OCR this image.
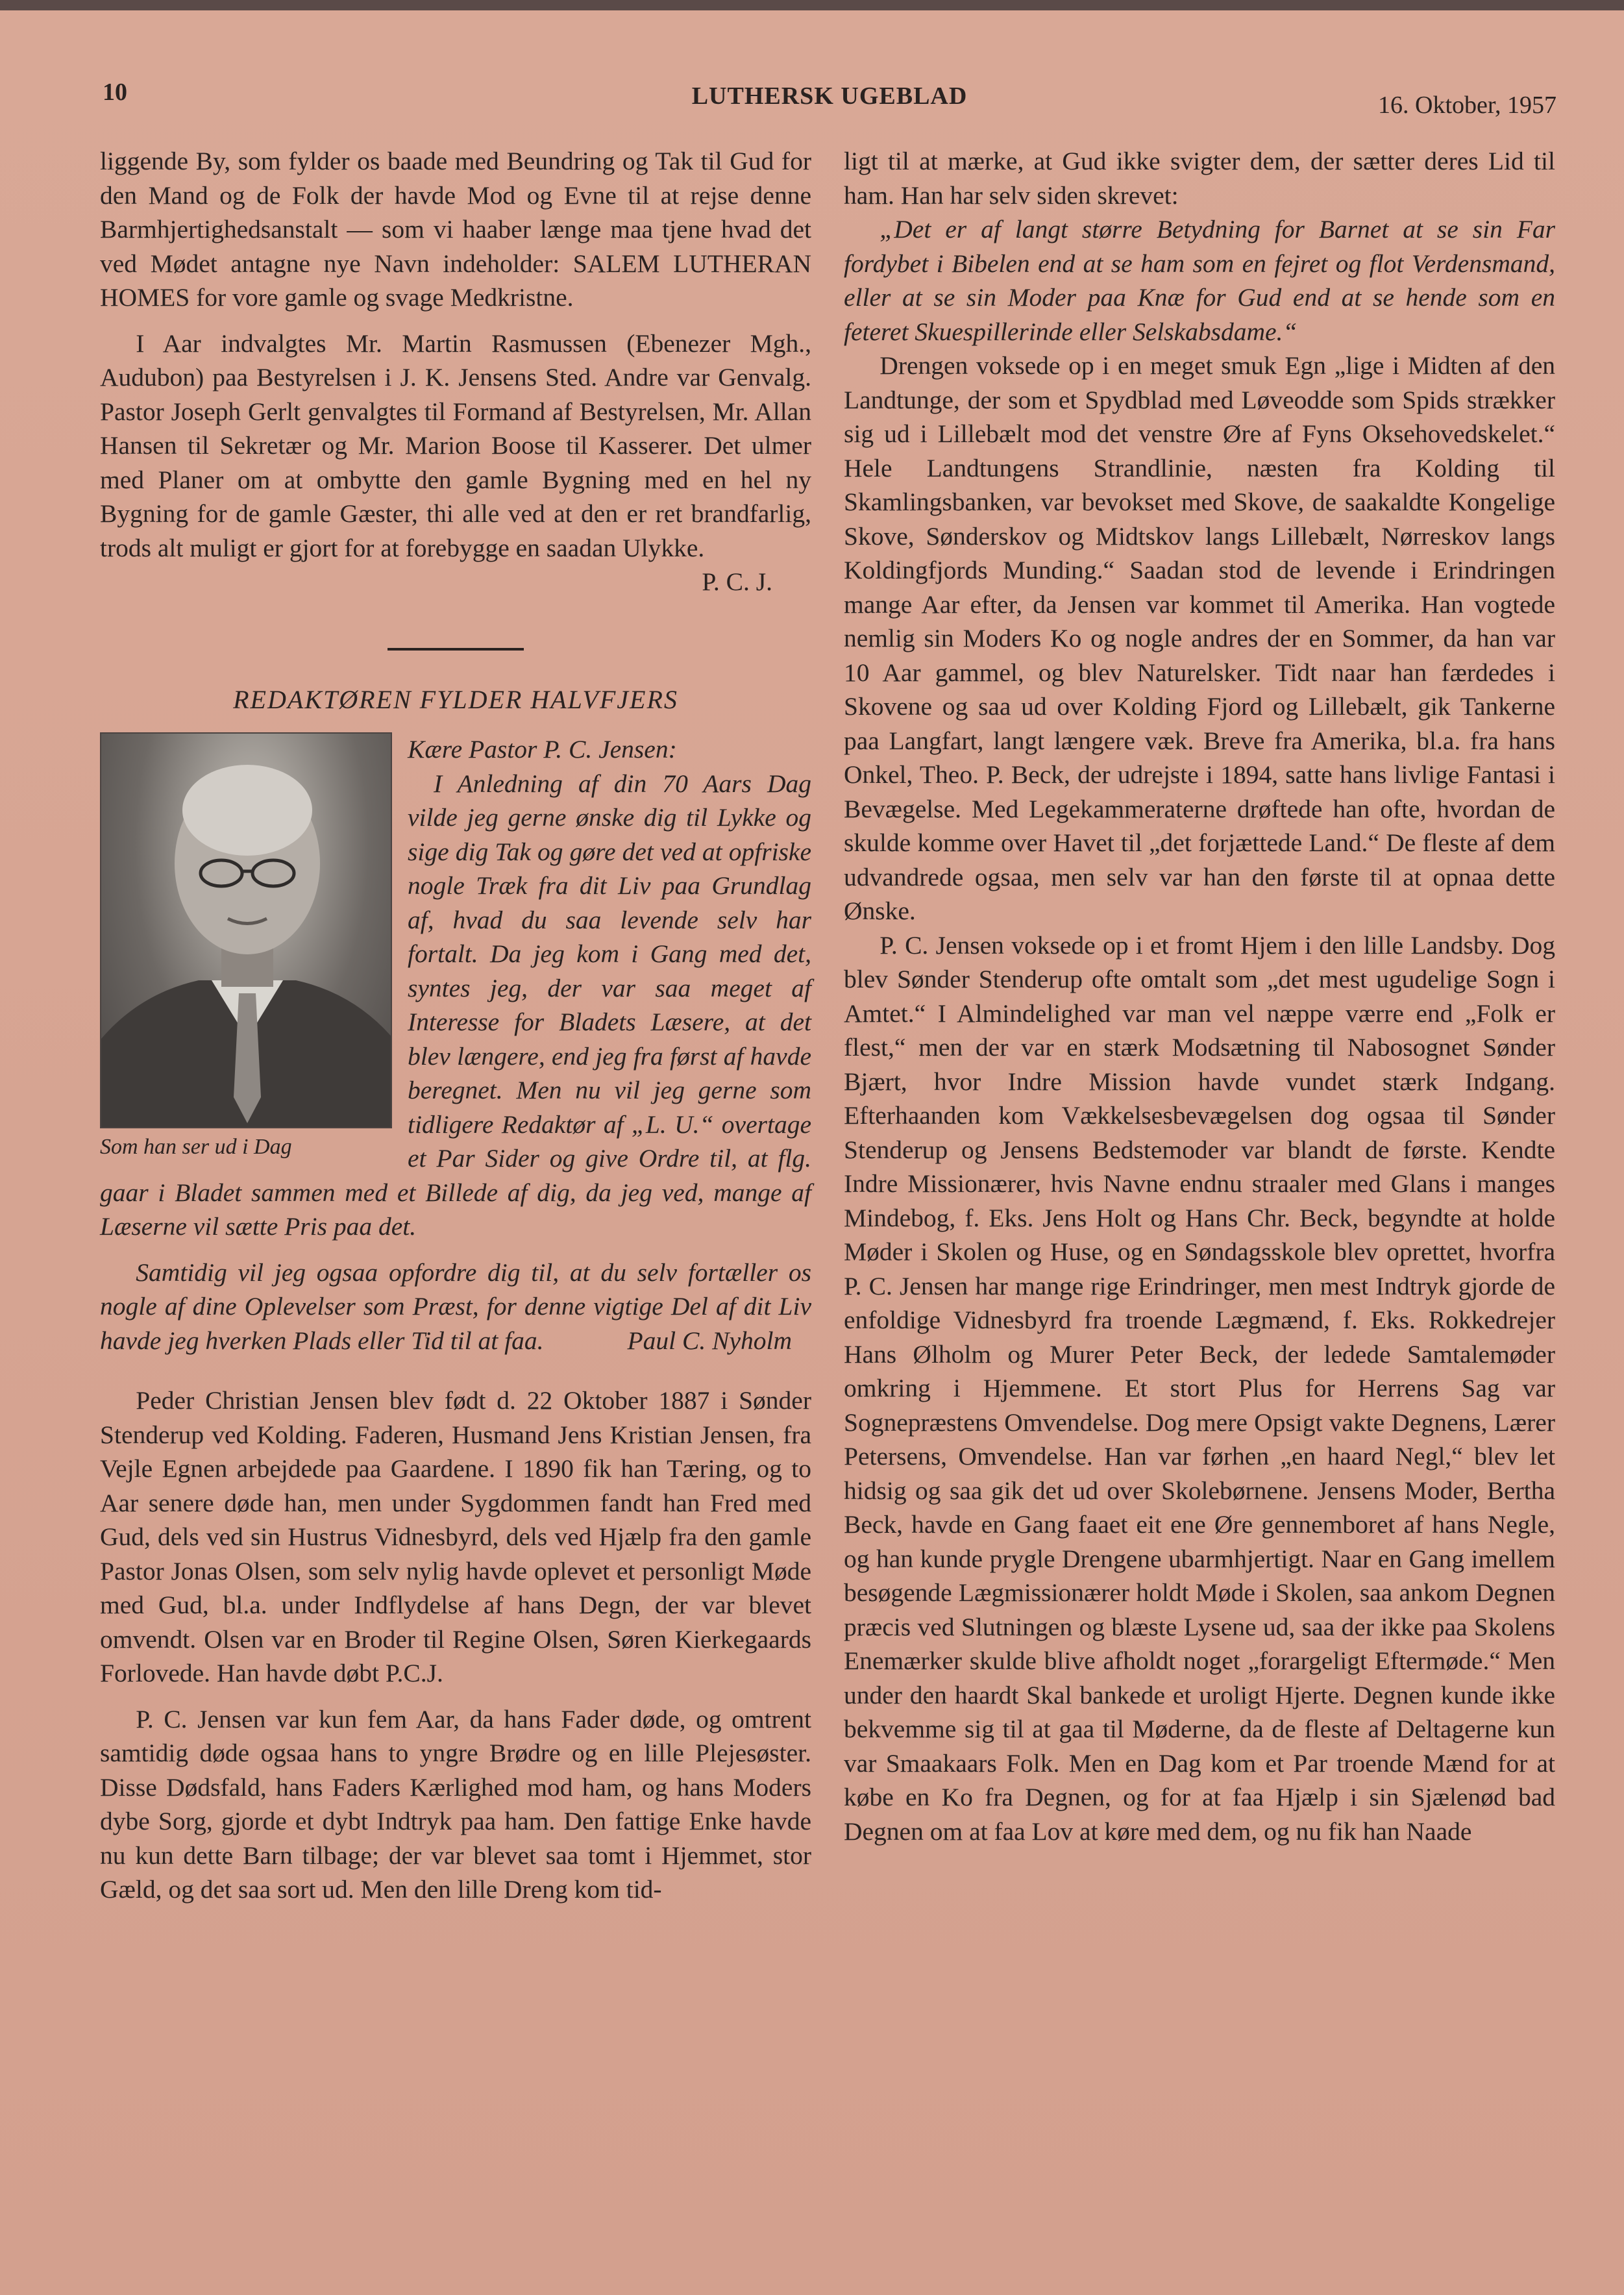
10	LUTHERSK UGEBLAD	16. Oktober, 1957

liggende By, som fylder os baade med Beundring og Tak til Gud for den Mand og de Folk der havde Mod og Evne til at rejse denne Barmhjertighedsanstalt — som vi haaber længe maa tjene hvad det ved Mødet antagne nye Navn indeholder: SALEM LUTHERAN HOMES for vore gamle og svage Medkristne.

I Aar indvalgtes Mr. Martin Rasmussen (Ebenezer Mgh., Audubon) paa Bestyrelsen i J. K. Jensens Sted. Andre var Genvalg. Pastor Joseph Gerlt genvalgtes til Formand af Bestyrelsen, Mr. Allan Hansen til Sekretær og Mr. Marion Boose til Kasserer. Det ulmer med Planer om at ombytte den gamle Bygning med en hel ny Bygning for de gamle Gæster, thi alle ved at den er ret brandfarlig, trods alt muligt er gjort for at forebygge en saadan Ulykke.

P. C. J.
REDAKTØREN FYLDER HALVFJERS
Som han ser ud i Dag

Kære Pastor P. C. Jensen:

I Anledning af din 70 Aars Dag vilde jeg gerne ønske dig til Lykke og sige dig Tak og gøre det ved at opfriske nogle Træk fra dit Liv paa Grundlag af, hvad du saa levende selv har fortalt. Da jeg kom i Gang med det, syntes jeg, der var saa meget af Interesse for Bladets Læsere, at det blev længere, end jeg fra først af havde beregnet. Men nu vil jeg gerne som tidligere Redaktør af „L. U.“ overtage et Par Sider og give Ordre til, at flg. gaar i Bladet sammen med et Billede af dig, da jeg ved, mange af Læserne vil sætte Pris paa det.

Samtidig vil jeg ogsaa opfordre dig til, at du selv fortæller os nogle af dine Oplevelser som Præst, for denne vigtige Del af dit Liv havde jeg hverken Plads eller Tid til at faa.	Paul C. Nyholm

Peder Christian Jensen blev født d. 22 Oktober 1887 i Sønder Stenderup ved Kolding. Faderen, Husmand Jens Kristian Jensen, fra Vejle Egnen arbejdede paa Gaardene. I 1890 fik han Tæring, og to Aar senere døde han, men under Sygdommen fandt han Fred med Gud, dels ved sin Hustrus Vidnesbyrd, dels ved Hjælp fra den gamle Pastor Jonas Olsen, som selv nylig havde oplevet et personligt Møde med Gud, bl.a. under Indflydelse af hans Degn, der var blevet omvendt. Olsen var en Broder til Regine Olsen, Søren Kierkegaards Forlovede. Han havde døbt P.C.J.

P. C. Jensen var kun fem Aar, da hans Fader døde, og omtrent samtidig døde ogsaa hans to yngre Brødre og en lille Plejesøster. Disse Dødsfald, hans Faders Kærlighed mod ham, og hans Moders dybe Sorg, gjorde et dybt Indtryk paa ham. Den fattige Enke havde nu kun dette Barn tilbage; der var blevet saa tomt i Hjemmet, stor Gæld, og det saa sort ud. Men den lille Dreng kom tid-

ligt til at mærke, at Gud ikke svigter dem, der sætter deres Lid til ham. Han har selv siden skrevet:

„Det er af langt større Betydning for Barnet at se sin Far fordybet i Bibelen end at se ham som en fejret og flot Verdensmand, eller at se sin Moder paa Knæ for Gud end at se hende som en feteret Skuespillerinde eller Selskabsdame.“

Drengen voksede op i en meget smuk Egn „lige i Midten af den Landtunge, der som et Spydblad med Løveodde som Spids strækker sig ud i Lillebælt mod det venstre Øre af Fyns Oksehovedskelet.“ Hele Landtungens Strandlinie, næsten fra Kolding til Skamlingsbanken, var bevokset med Skove, de saakaldte Kongelige Skove, Sønderskov og Midtskov langs Lillebælt, Nørreskov langs Koldingfjords Munding.“ Saadan stod de levende i Erindringen mange Aar efter, da Jensen var kommet til Amerika. Han vogtede nemlig sin Moders Ko og nogle andres der en Sommer, da han var 10 Aar gammel, og blev Naturelsker. Tidt naar han færdedes i Skovene og saa ud over Kolding Fjord og Lillebælt, gik Tankerne paa Langfart, langt længere væk. Breve fra Amerika, bl.a. fra hans Onkel, Theo. P. Beck, der udrejste i 1894, satte hans livlige Fantasi i Bevægelse. Med Legekammeraterne drøftede han ofte, hvordan de skulde komme over Havet til „det forjættede Land.“ De fleste af dem udvandrede ogsaa, men selv var han den første til at opnaa dette Ønske.

P. C. Jensen voksede op i et fromt Hjem i den lille Landsby. Dog blev Sønder Stenderup ofte omtalt som „det mest ugudelige Sogn i Amtet.“ I Almindelighed var man vel næppe værre end „Folk er flest,“ men der var en stærk Modsætning til Nabosognet Sønder Bjært, hvor Indre Mission havde vundet stærk Indgang. Efterhaanden kom Vækkelsesbevægelsen dog ogsaa til Sønder Stenderup og Jensens Bedstemoder var blandt de første. Kendte Indre Missionærer, hvis Navne endnu straaler med Glans i manges Mindebog, f. Eks. Jens Holt og Hans Chr. Beck, begyndte at holde Møder i Skolen og Huse, og en Søndagsskole blev oprettet, hvorfra P. C. Jensen har mange rige Erindringer, men mest Indtryk gjorde de enfoldige Vidnesbyrd fra troende Lægmænd, f. Eks. Rokkedrejer Hans Ølholm og Murer Peter Beck, der ledede Samtalemøder omkring i Hjemmene. Et stort Plus for Herrens Sag var Sognepræstens Omvendelse. Dog mere Opsigt vakte Degnens, Lærer Petersens, Omvendelse. Han var førhen „en haard Negl,“ blev let hidsig og saa gik det ud over Skolebørnene. Jensens Moder, Bertha Beck, havde en Gang faaet eit ene Øre gennemboret af hans Negle, og han kunde prygle Drengene ubarmhjertigt. Naar en Gang imellem besøgende Lægmissionærer holdt Møde i Skolen, saa ankom Degnen præcis ved Slutningen og blæste Lysene ud, saa der ikke paa Skolens Enemærker skulde blive afholdt noget „forargeligt Eftermøde.“ Men under den haardt Skal bankede et uroligt Hjerte. Degnen kunde ikke bekvemme sig til at gaa til Møderne, da de fleste af Deltagerne kun var Smaakaars Folk. Men en Dag kom et Par troende Mænd for at købe en Ko fra Degnen, og for at faa Hjælp i sin Sjælenød bad Degnen om at faa Lov at køre med dem, og nu fik han Naade
